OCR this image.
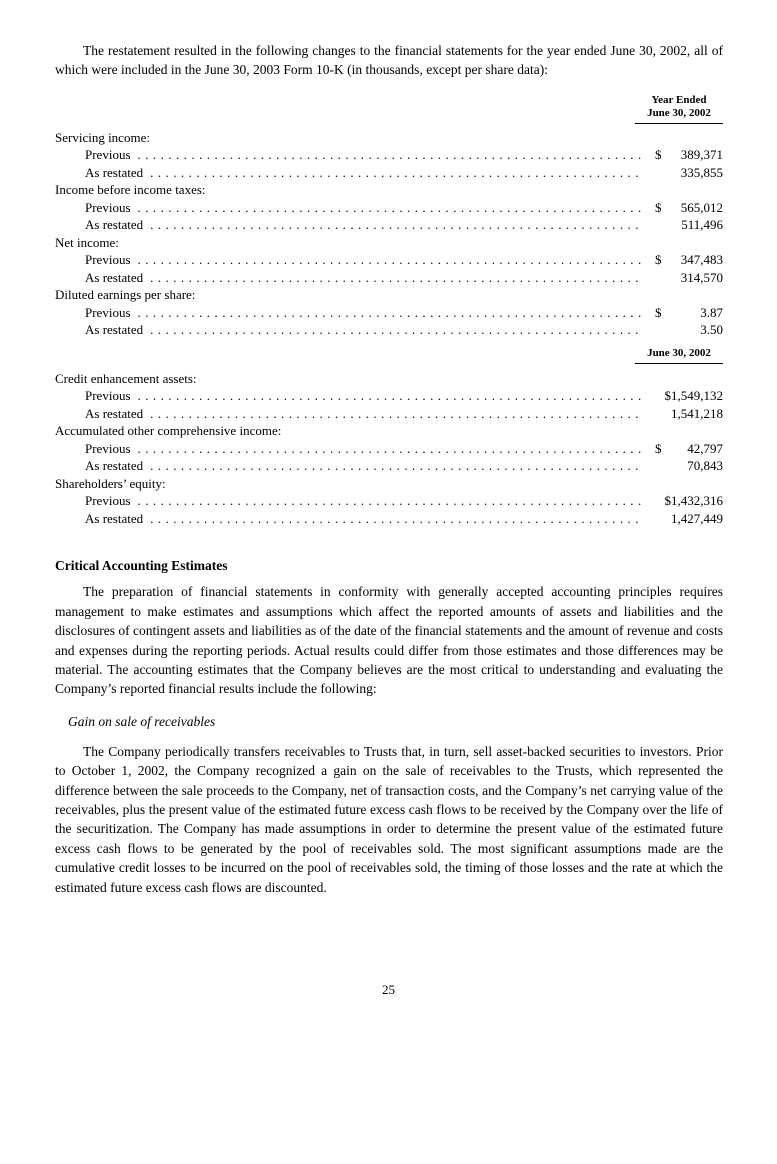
The restatement resulted in the following changes to the financial statements for the year ended June 30, 2002, all of which were included in the June 30, 2003 Form 10-K (in thousands, except per share data):

Year Ended
June 30, 2002
Servicing income:
Previous . . .	$ 389,371
As restated . . .	335,855
Income before income taxes:
Previous . . .	$ 565,012
As restated . . .	511,496
Net income:
Previous . . .	$ 347,483
As restated . . .	314,570
Diluted earnings per share:
Previous . . .	$	3.87
As restated . . .	3.50
June 30, 2002
Credit enhancement assets:
Previous . . .	$1,549,132
As restated . . .	1,541,218
Accumulated other comprehensive income:
Previous . . .	$ 42,797
As restated . . .	70,843
Shareholders’ equity:
Previous . . .	$1,432,316
As restated . . .	1,427,449
Critical Accounting Estimates

The preparation of financial statements in conformity with generally accepted accounting principles requires management to make estimates and assumptions which affect the reported amounts of assets and liabilities and the disclosures of contingent assets and liabilities as of the date of the financial statements and the amount of revenue and costs and expenses during the reporting periods. Actual results could differ from those estimates and those differences may be material. The accounting estimates that the Company believes are the most critical to understanding and evaluating the Company’s reported financial results include the following:

Gain on sale of receivables

The Company periodically transfers receivables to Trusts that, in turn, sell asset-backed securities to investors. Prior to October 1, 2002, the Company recognized a gain on the sale of receivables to the Trusts, which represented the difference between the sale proceeds to the Company, net of transaction costs, and the Company’s net carrying value of the receivables, plus the present value of the estimated future excess cash flows to be received by the Company over the life of the securitization. The Company has made assumptions in order to determine the present value of the estimated future excess cash flows to be generated by the pool of receivables sold. The most significant assumptions made are the cumulative credit losses to be incurred on the pool of receivables sold, the timing of those losses and the rate at which the estimated future excess cash flows are discounted.

25
